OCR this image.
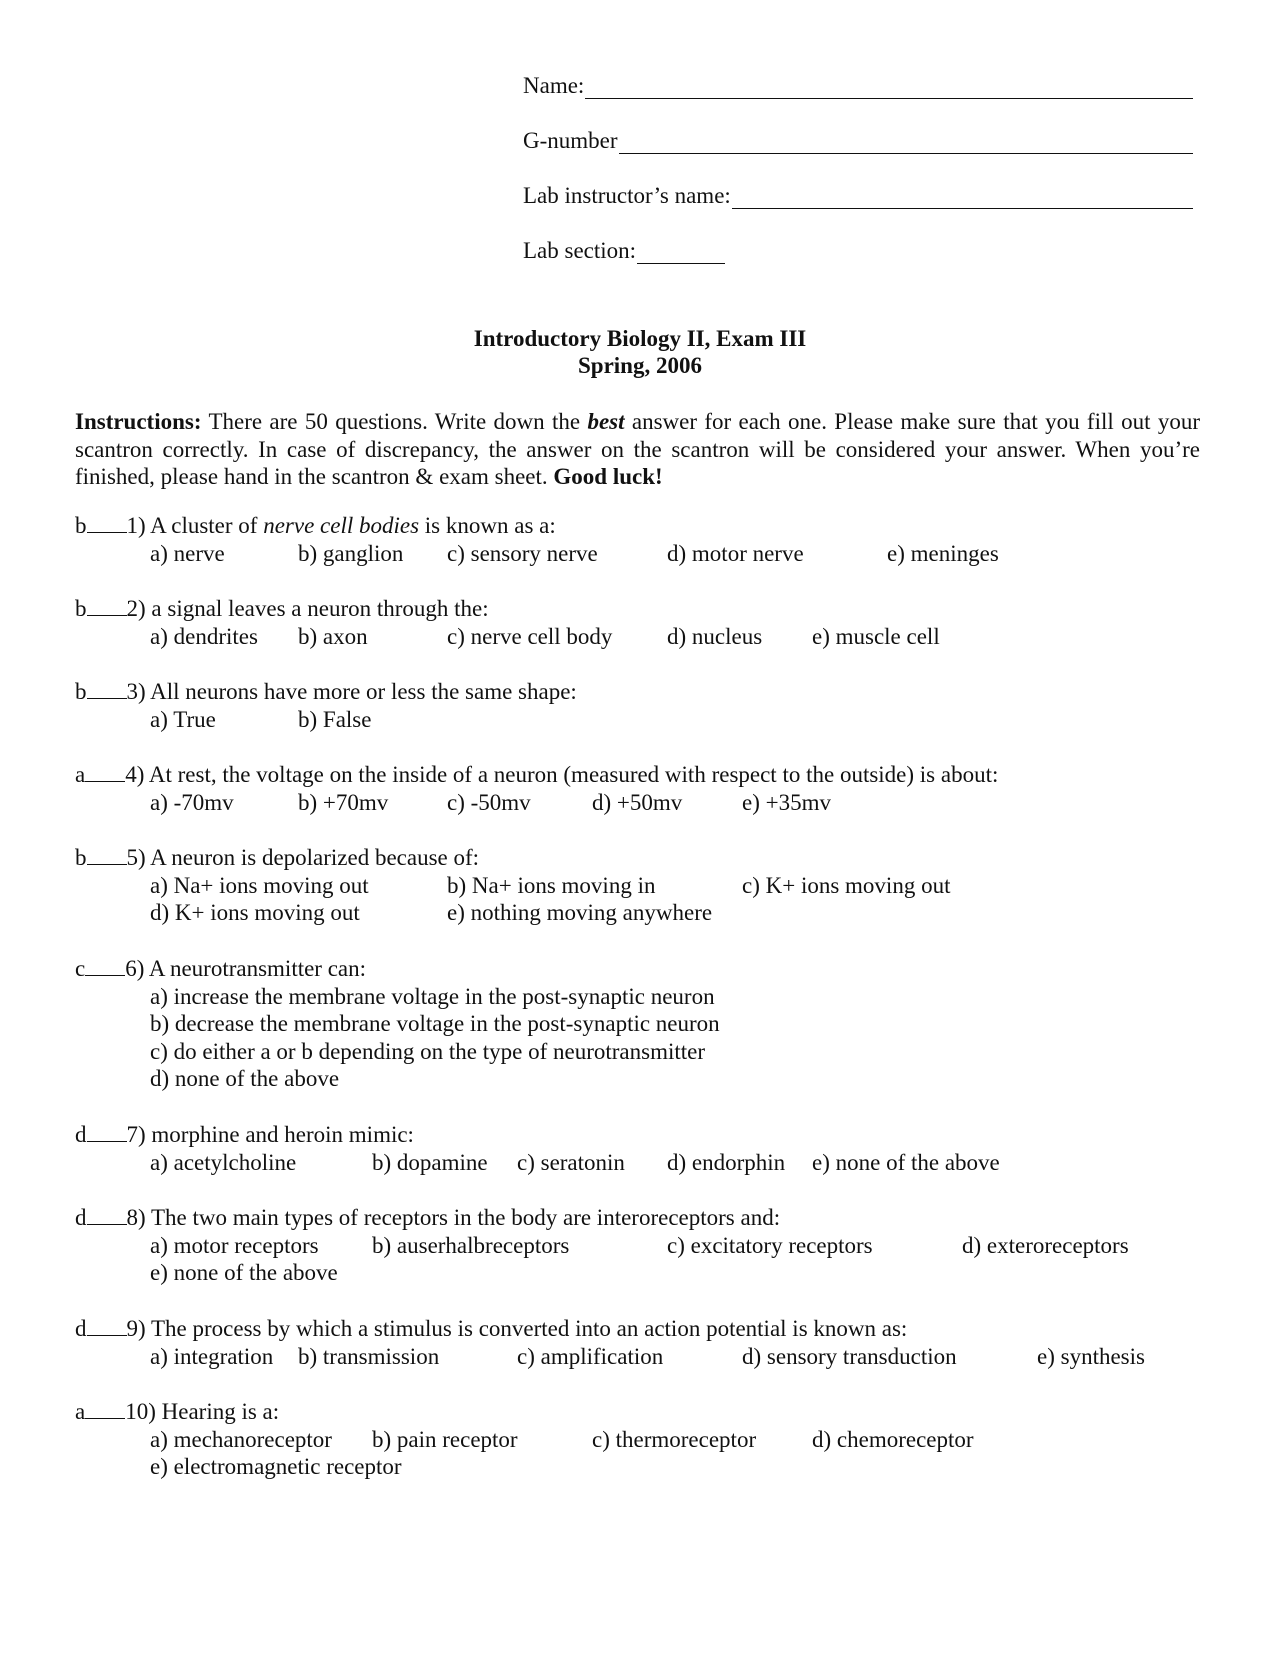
Name:
G-number
Lab instructor’s name:
Lab section:
Introductory Biology II, Exam III
Spring, 2006
Instructions: There are 50 questions. Write down the best answer for each one. Please make sure that you fill out your scantron correctly. In case of discrepancy, the answer on the scantron will be considered your answer. When you’re finished, please hand in the scantron & exam sheet. Good luck!
b 1) A cluster of nerve cell bodies is known as a:
a) nerve	b) ganglion c) sensory nerve	d) motor nerve	e) meninges
b 2) a signal leaves a neuron through the:
a) dendrites b) axon	c) nerve cell body d) nucleus e) muscle cell
b 3) All neurons have more or less the same shape:
a) True	b) False
a 4) At rest, the voltage on the inside of a neuron (measured with respect to the outside) is about:
a) -70mv	b) +70mv	c) -50mv	d) +50mv	e) +35mv
b 5) A neuron is depolarized because of:
a) Na+ ions moving out	b) Na+ ions moving in	c) K+ ions moving out
d) K+ ions moving out	e) nothing moving anywhere
c 6) A neurotransmitter can:
a) increase the membrane voltage in the post-synaptic neuron
b) decrease the membrane voltage in the post-synaptic neuron
c) do either a or b depending on the type of neurotransmitter
d) none of the above
d 7) morphine and heroin mimic:
a) acetylcholine	b) dopamine c) seratonin d) endorphin e) none of the above
d 8) The two main types of receptors in the body are interoreceptors and:
a) motor receptors b) auserhalbreceptors	c) excitatory receptors	d) exteroreceptors
e) none of the above
d 9) The process by which a stimulus is converted into an action potential is known as:
a) integration b) transmission	c) amplification	d) sensory transduction	e) synthesis
a 10) Hearing is a:
a) mechanoreceptor b) pain receptor	c) thermoreceptor d) chemoreceptor
e) electromagnetic receptor
